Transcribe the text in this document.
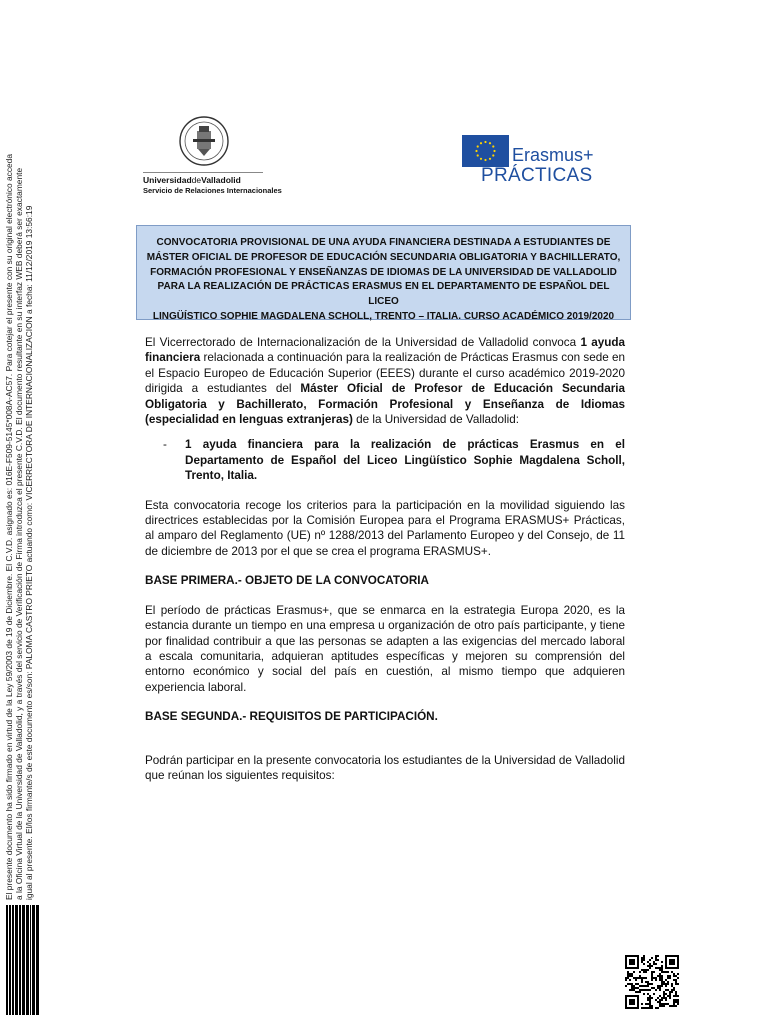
El presente documento ha sido firmado en virtud de la Ley 59/2003 de 19 de Diciembre. El C.V.D. asignado es: 016E-F509-5145*008A-AC57. Para cotejar el presente con su original electrónico acceda a la Oficina Virtual de la Universidad de Valladolid, y a través del servicio de Verificación de Firma introduzca el presente C.V.D. El documento resultante en su interfaz WEB deberá ser exactamente igual al presente. El/los firmante/s de este documento es/son: PALOMA CASTRO PRIETO actuando como: VICERRECTORA DE INTERNACIONALIZACION a fecha: 11/12/2019 13:56:19
UniversidaddeValladolid
Servicio de Relaciones Internacionales
Erasmus+
PRÁCTICAS
CONVOCATORIA PROVISIONAL DE UNA AYUDA FINANCIERA DESTINADA A ESTUDIANTES DE
MÁSTER OFICIAL DE PROFESOR DE EDUCACIÓN SECUNDARIA OBLIGATORIA Y BACHILLERATO,
FORMACIÓN PROFESIONAL Y ENSEÑANZAS DE IDIOMAS DE LA UNIVERSIDAD DE VALLADOLID
PARA LA REALIZACIÓN DE PRÁCTICAS ERASMUS EN EL DEPARTAMENTO DE ESPAÑOL DEL LICEO
LINGÜÍSTICO SOPHIE MAGDALENA SCHOLL, TRENTO – ITALIA. CURSO ACADÉMICO 2019/2020

El Vicerrectorado de Internacionalización de la Universidad de Valladolid convoca 1 ayuda financiera relacionada a continuación para la realización de Prácticas Erasmus con sede en el Espacio Europeo de Educación Superior (EEES) durante el curso académico 2019-2020 dirigida a estudiantes del Máster Oficial de Profesor de Educación Secundaria Obligatoria y Bachillerato, Formación Profesional y Enseñanza de Idiomas (especialidad en lenguas extranjeras) de la Universidad de Valladolid:

- 1 ayuda financiera para la realización de prácticas Erasmus en el Departamento de Español del Liceo Lingüístico Sophie Magdalena Scholl, Trento, Italia.

Esta convocatoria recoge los criterios para la participación en la movilidad siguiendo las directrices establecidas por la Comisión Europea para el Programa ERASMUS+ Prácticas, al amparo del Reglamento (UE) nº 1288/2013 del Parlamento Europeo y del Consejo, de 11 de diciembre de 2013 por el que se crea el programa ERASMUS+.

BASE PRIMERA.- OBJETO DE LA CONVOCATORIA

El período de prácticas Erasmus+, que se enmarca en la estrategia Europa 2020, es la estancia durante un tiempo en una empresa u organización de otro país participante, y tiene por finalidad contribuir a que las personas se adapten a las exigencias del mercado laboral a escala comunitaria, adquieran aptitudes específicas y mejoren su comprensión del entorno económico y social del país en cuestión, al mismo tiempo que adquieren experiencia laboral.

BASE SEGUNDA.- REQUISITOS DE PARTICIPACIÓN.

Podrán participar en la presente convocatoria los estudiantes de la Universidad de Valladolid que reúnan los siguientes requisitos:
